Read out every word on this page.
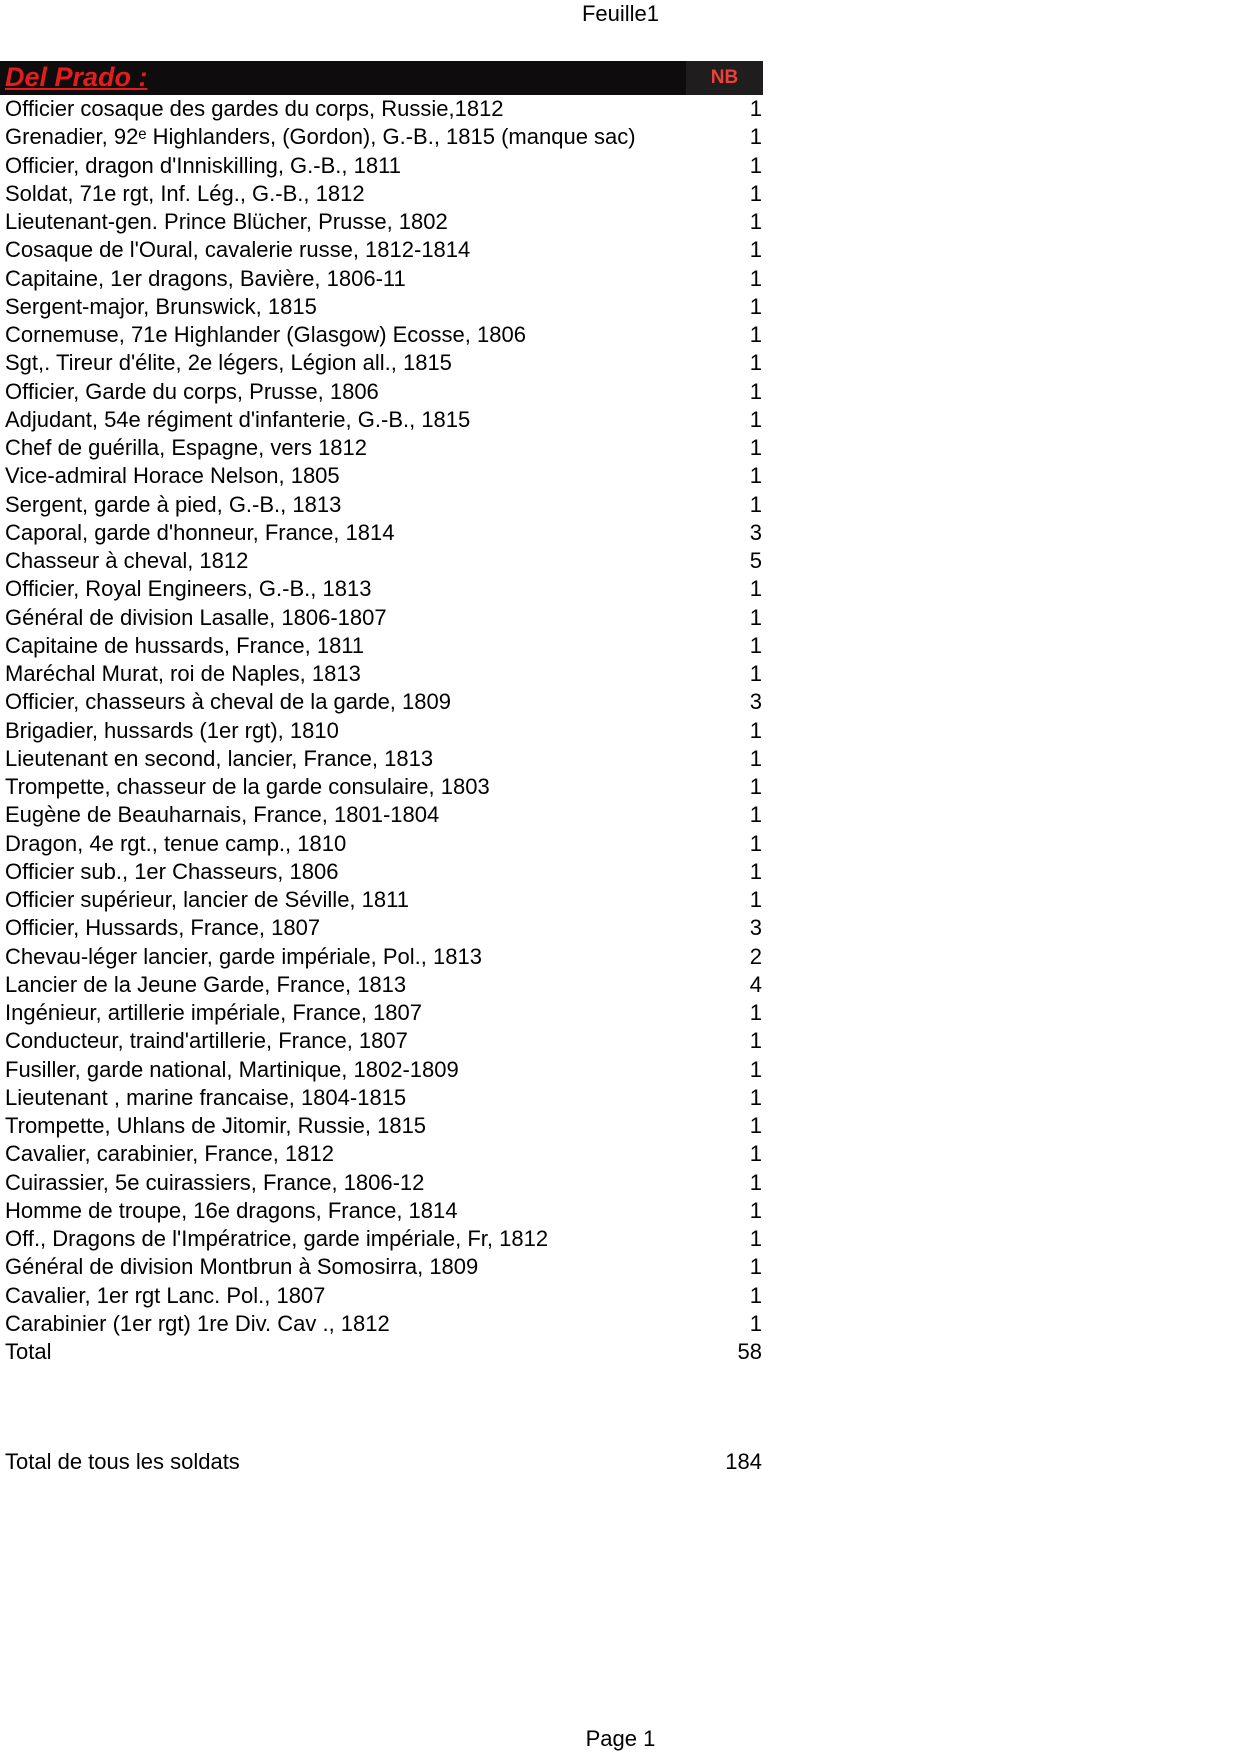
Feuille1
Del Prado :	NB
Officier cosaque des gardes du corps, Russie,1812	1
Grenadier, 92ᵉ Highlanders, (Gordon), G.-B., 1815 (manque sac)	1
Officier, dragon d'Inniskilling, G.-B., 1811	1
Soldat, 71e rgt, Inf. Lég., G.-B., 1812	1
Lieutenant-gen. Prince Blücher, Prusse, 1802	1
Cosaque de l'Oural, cavalerie russe, 1812-1814	1
Capitaine, 1er dragons, Bavière, 1806-11	1
Sergent-major, Brunswick, 1815	1
Cornemuse, 71e Highlander (Glasgow) Ecosse, 1806	1
Sgt,. Tireur d'élite, 2e légers, Légion all., 1815	1
Officier, Garde du corps, Prusse, 1806	1
Adjudant, 54e régiment d'infanterie, G.-B., 1815	1
Chef de guérilla, Espagne, vers 1812	1
Vice-admiral Horace Nelson, 1805	1
Sergent, garde à pied, G.-B., 1813	1
Caporal, garde d'honneur, France, 1814	3
Chasseur à cheval, 1812	5
Officier, Royal Engineers, G.-B., 1813	1
Général de division Lasalle, 1806-1807	1
Capitaine de hussards, France, 1811	1
Maréchal Murat, roi de Naples, 1813	1
Officier, chasseurs à cheval de la garde, 1809	3
Brigadier, hussards (1er rgt), 1810	1
Lieutenant en second, lancier, France, 1813	1
Trompette, chasseur de la garde consulaire, 1803	1
Eugène de Beauharnais, France, 1801-1804	1
Dragon, 4e rgt., tenue camp., 1810	1
Officier sub., 1er Chasseurs, 1806	1
Officier supérieur, lancier de Séville, 1811	1
Officier, Hussards, France, 1807	3
Chevau-léger lancier, garde impériale, Pol., 1813	2
Lancier de la Jeune Garde, France, 1813	4
Ingénieur, artillerie impériale, France, 1807	1
Conducteur, traind'artillerie, France, 1807	1
Fusiller, garde national, Martinique, 1802-1809	1
Lieutenant , marine francaise, 1804-1815	1
Trompette, Uhlans de Jitomir, Russie, 1815	1
Cavalier, carabinier, France, 1812	1
Cuirassier, 5e cuirassiers, France, 1806-12	1
Homme de troupe, 16e dragons, France, 1814	1
Off., Dragons de l'Impératrice, garde impériale, Fr, 1812	1
Général de division Montbrun à Somosirra, 1809	1
Cavalier, 1er rgt Lanc. Pol., 1807	1
Carabinier (1er rgt) 1re Div. Cav ., 1812	1
Total	58
Total de tous les soldats	184
Page 1
